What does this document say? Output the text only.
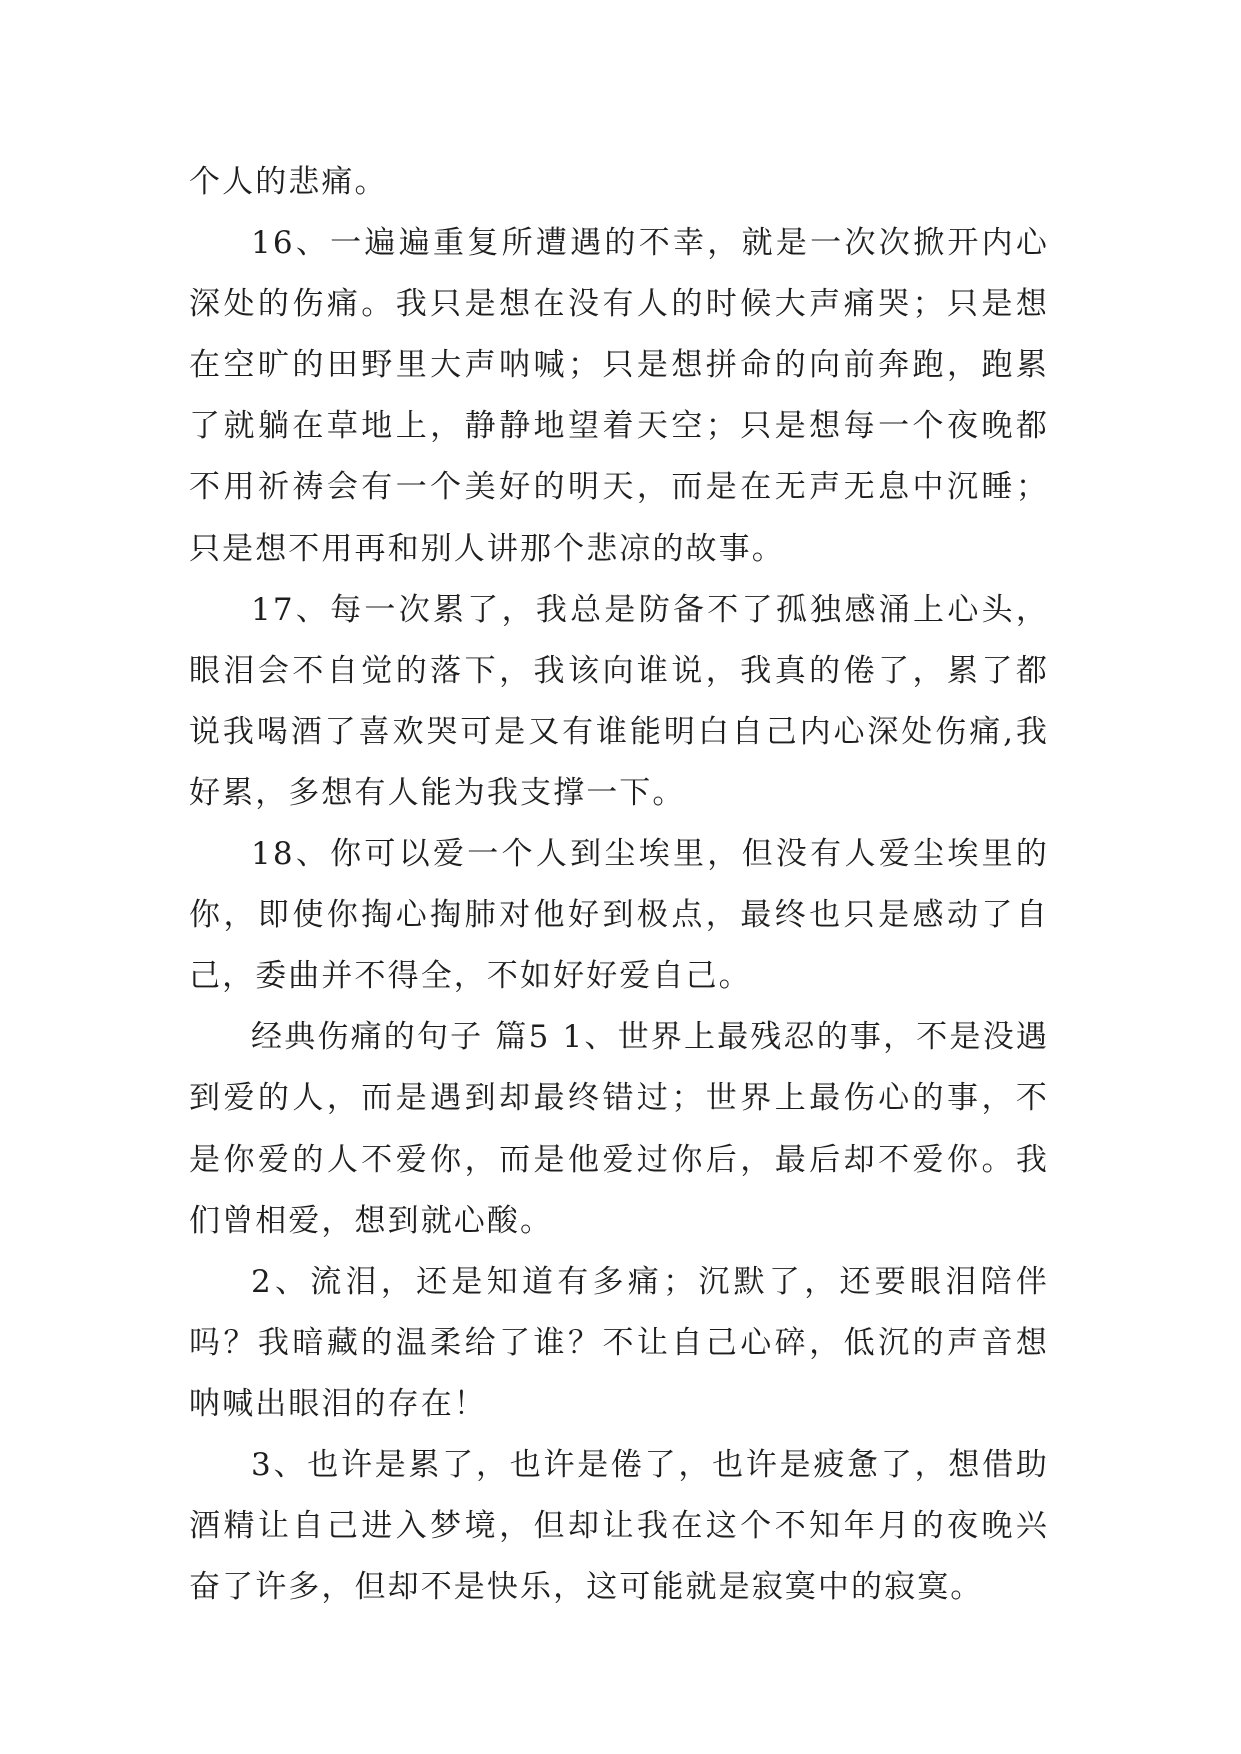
个人的悲痛。

16、一遍遍重复所遭遇的不幸，就是一次次掀开内心深处的伤痛。我只是想在没有人的时候大声痛哭；只是想在空旷的田野里大声呐喊；只是想拼命的向前奔跑，跑累了就躺在草地上，静静地望着天空；只是想每一个夜晚都不用祈祷会有一个美好的明天，而是在无声无息中沉睡；只是想不用再和别人讲那个悲凉的故事。

17、每一次累了，我总是防备不了孤独感涌上心头，眼泪会不自觉的落下，我该向谁说，我真的倦了，累了都说我喝酒了喜欢哭可是又有谁能明白自己内心深处伤痛,我好累，多想有人能为我支撑一下。

18、你可以爱一个人到尘埃里，但没有人爱尘埃里的你，即使你掏心掏肺对他好到极点，最终也只是感动了自己，委曲并不得全，不如好好爱自己。

经典伤痛的句子 篇5 1、世界上最残忍的事，不是没遇到爱的人，而是遇到却最终错过；世界上最伤心的事，不是你爱的人不爱你，而是他爱过你后，最后却不爱你。我们曾相爱，想到就心酸。

2、流泪，还是知道有多痛；沉默了，还要眼泪陪伴吗？我暗藏的温柔给了谁？不让自己心碎，低沉的声音想呐喊出眼泪的存在！

3、也许是累了，也许是倦了，也许是疲惫了，想借助酒精让自己进入梦境，但却让我在这个不知年月的夜晚兴奋了许多，但却不是快乐，这可能就是寂寞中的寂寞。
